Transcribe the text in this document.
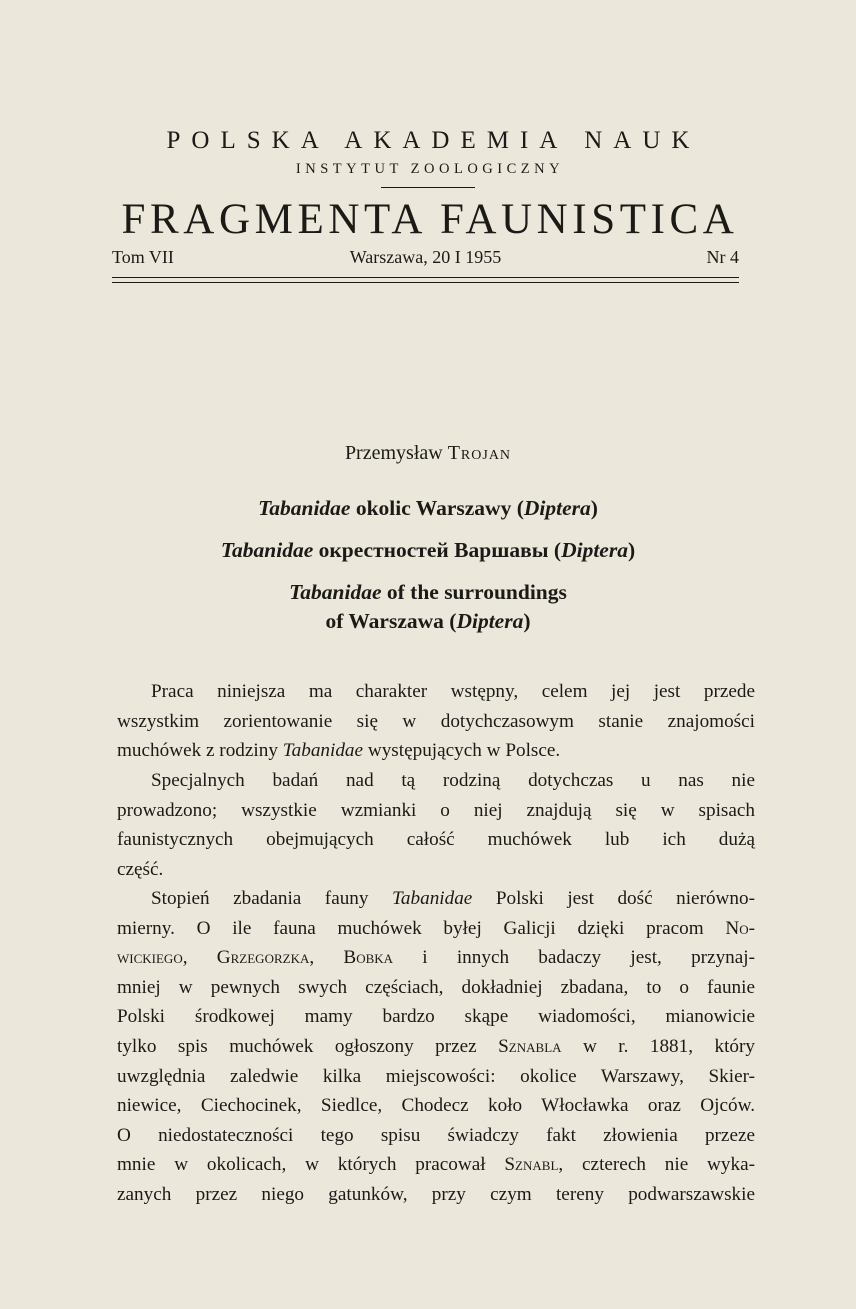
POLSKA AKADEMIA NAUK
INSTYTUT ZOOLOGICZNY
FRAGMENTA FAUNISTICA
Warszawa, 20 I 1955
Tom VII	Nr 4
Przemysław Trojan
Tabanidae okolic Warszawy (Diptera)
Tabanidae окрестностей Варшавы (Diptera)
Tabanidae of the surroundings
of Warszawa (Diptera)
Praca niniejsza ma charakter wstępny, celem jej jest przede
wszystkim zorientowanie się w dotychczasowym stanie znajomości
muchówek z rodziny Tabanidae występujących w Polsce.
Specjalnych badań nad tą rodziną dotychczas u nas nie
prowadzono; wszystkie wzmianki o niej znajdują się w spisach
faunistycznych obejmujących całość muchówek lub ich dużą
część.
Stopień zbadania fauny Tabanidae Polski jest dość nierówno-
mierny. O ile fauna muchówek byłej Galicji dzięki pracom No-
wickiego, Grzegorzka, Bobka i innych badaczy jest, przynaj-
mniej w pewnych swych częściach, dokładniej zbadana, to o faunie
Polski środkowej mamy bardzo skąpe wiadomości, mianowicie
tylko spis muchówek ogłoszony przez Sznabla w r. 1881, który
uwzględnia zaledwie kilka miejscowości: okolice Warszawy, Skier-
niewice, Ciechocinek, Siedlce, Chodecz koło Włocławka oraz Ojców.
O niedostateczności tego spisu świadczy fakt złowienia przeze
mnie w okolicach, w których pracował Sznabl, czterech nie wyka-
zanych przez niego gatunków, przy czym tereny podwarszawskie
